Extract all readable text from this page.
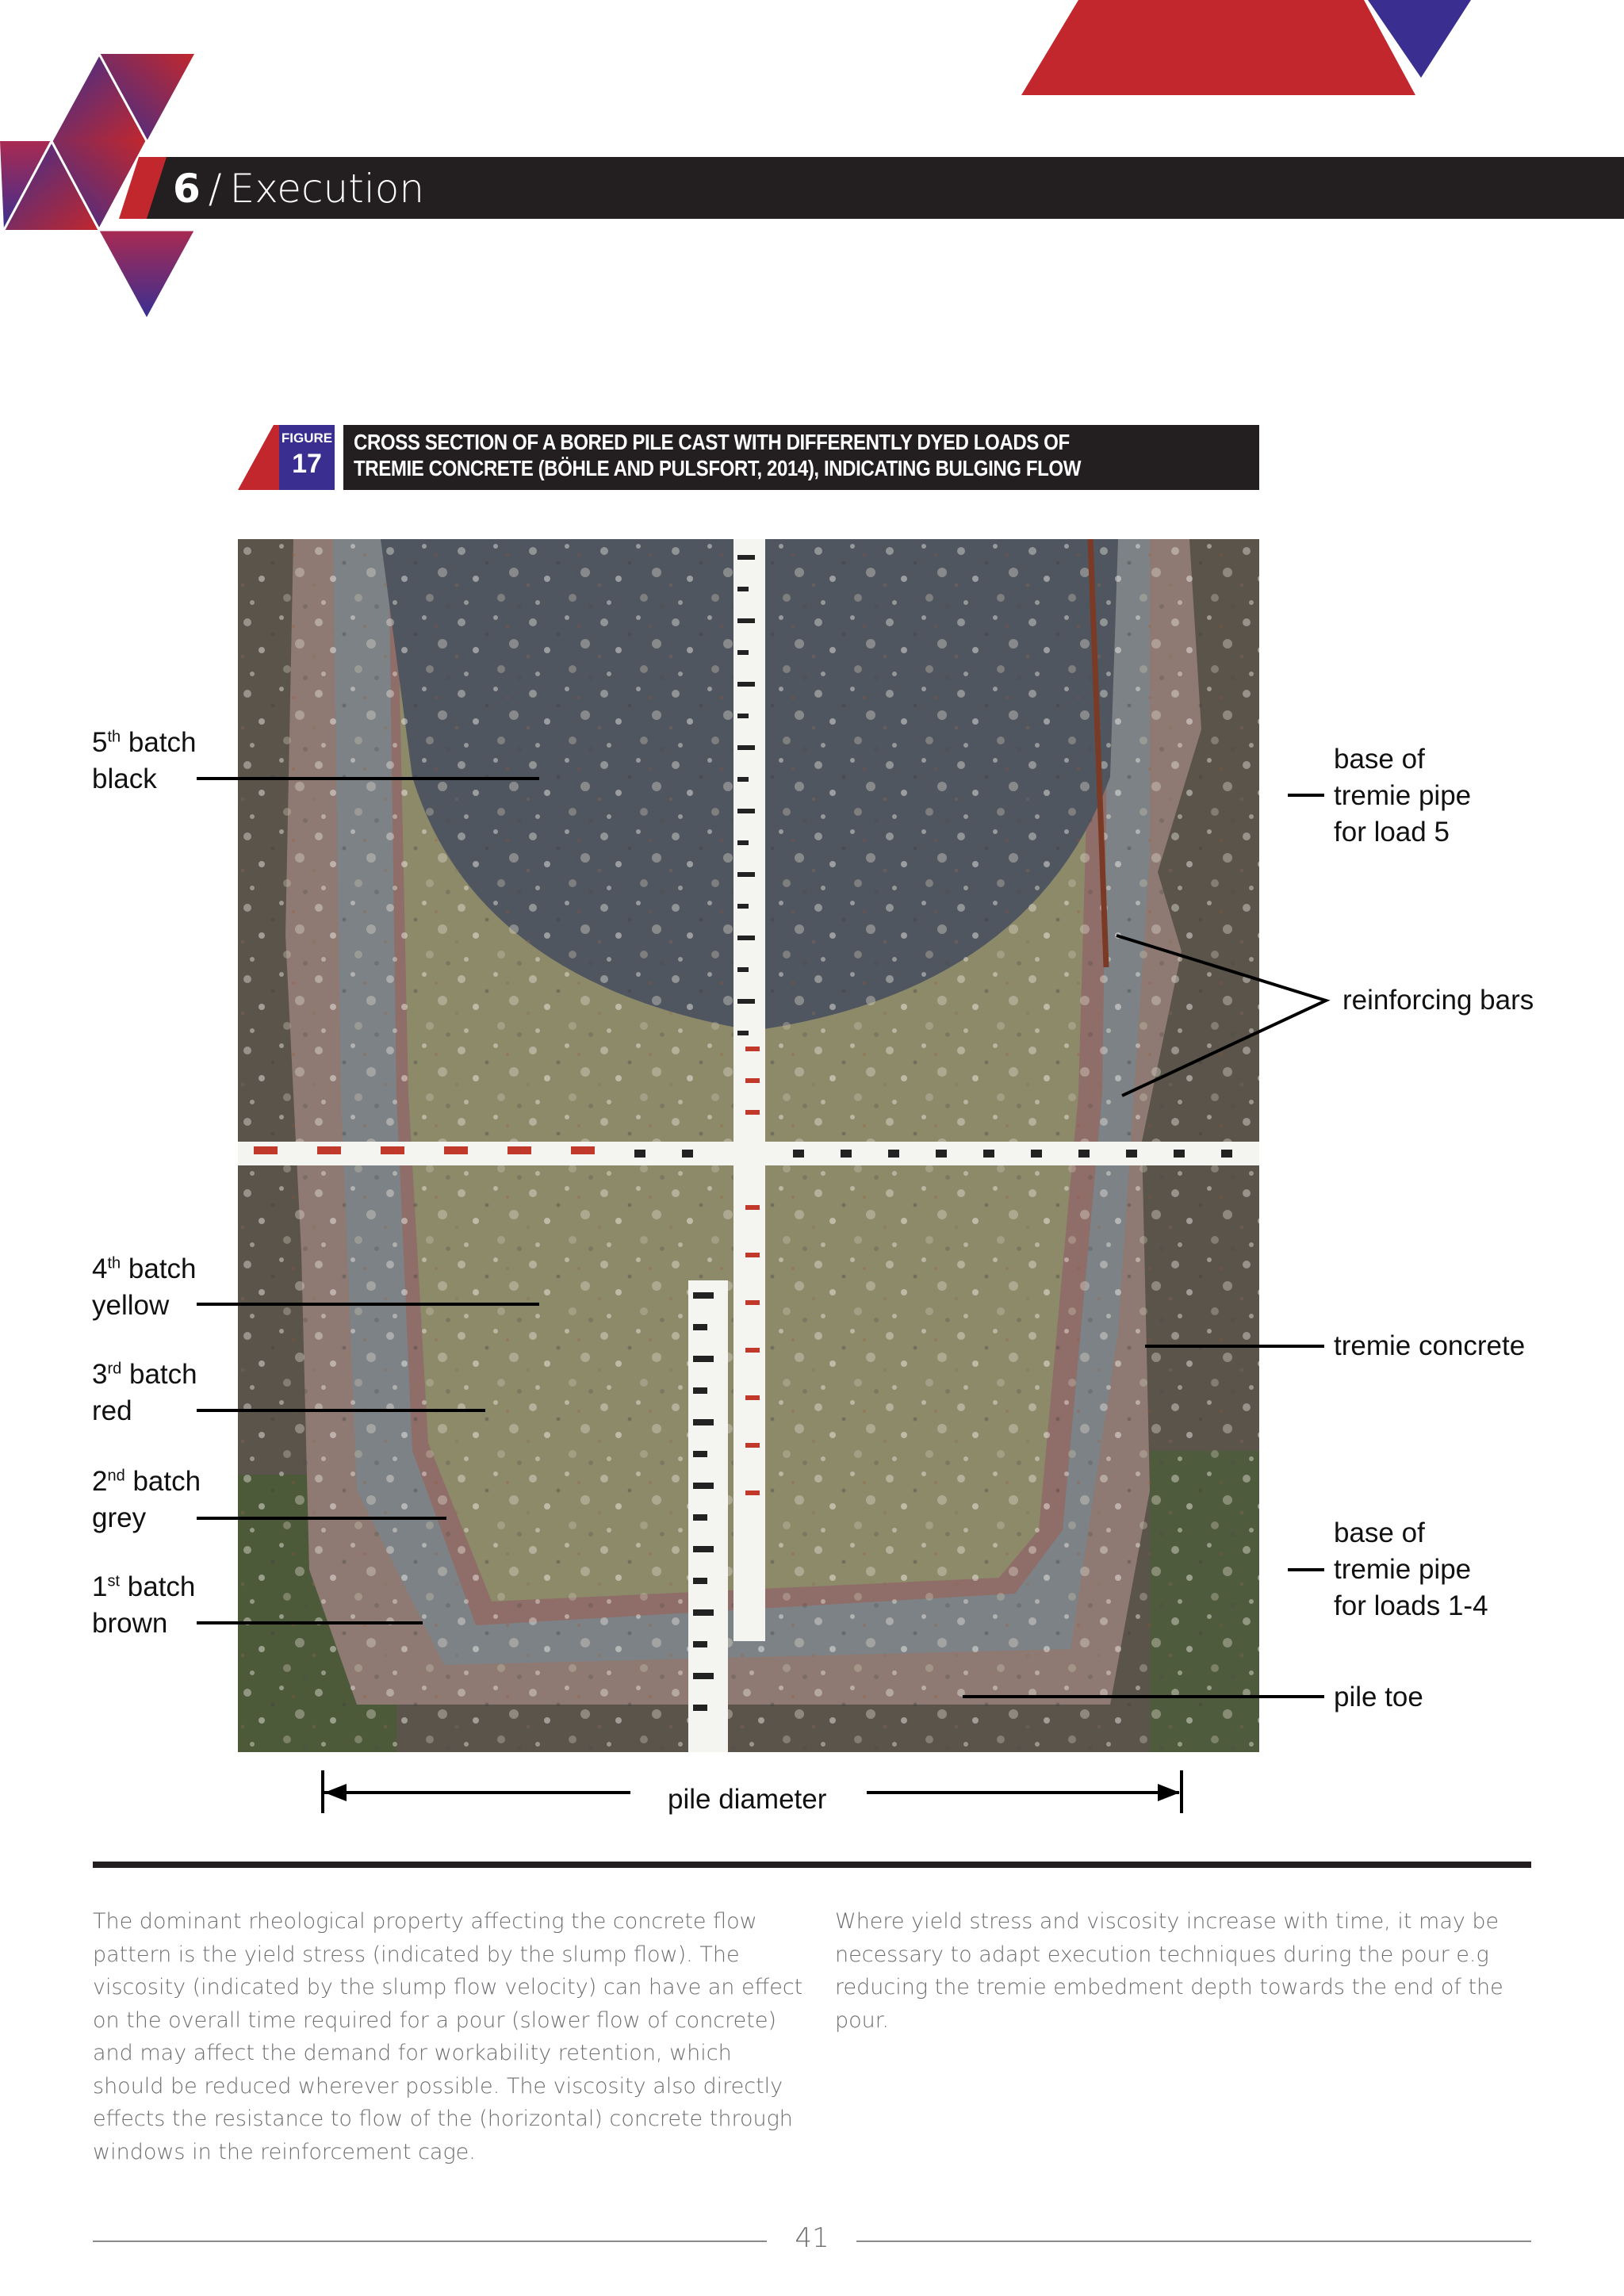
6 / Execution
FIGURE
17
CROSS SECTION OF A BORED PILE CAST WITH DIFFERENTLY DYED LOADS OF
TREMIE CONCRETE (BÖHLE AND PULSFORT, 2014), INDICATING BULGING FLOW
5th batch
black
4th batch
yellow
3rd batch
red
2nd batch
grey
1st batch
brown
base of
tremie pipe
for load 5
reinforcing bars
tremie concrete
base of
tremie pipe
for loads 1-4
pile toe
pile diameter
The dominant rheological property affecting the concrete flow
pattern is the yield stress (indicated by the slump flow). The
viscosity (indicated by the slump flow velocity) can have an effect
on the overall time required for a pour (slower flow of concrete)
and may affect the demand for workability retention, which
should be reduced wherever possible. The viscosity also directly
effects the resistance to flow of the (horizontal) concrete through
windows in the reinforcement cage.
Where yield stress and viscosity increase with time, it may be
necessary to adapt execution techniques during the pour e.g
reducing the tremie embedment depth towards the end of the pour.
41
